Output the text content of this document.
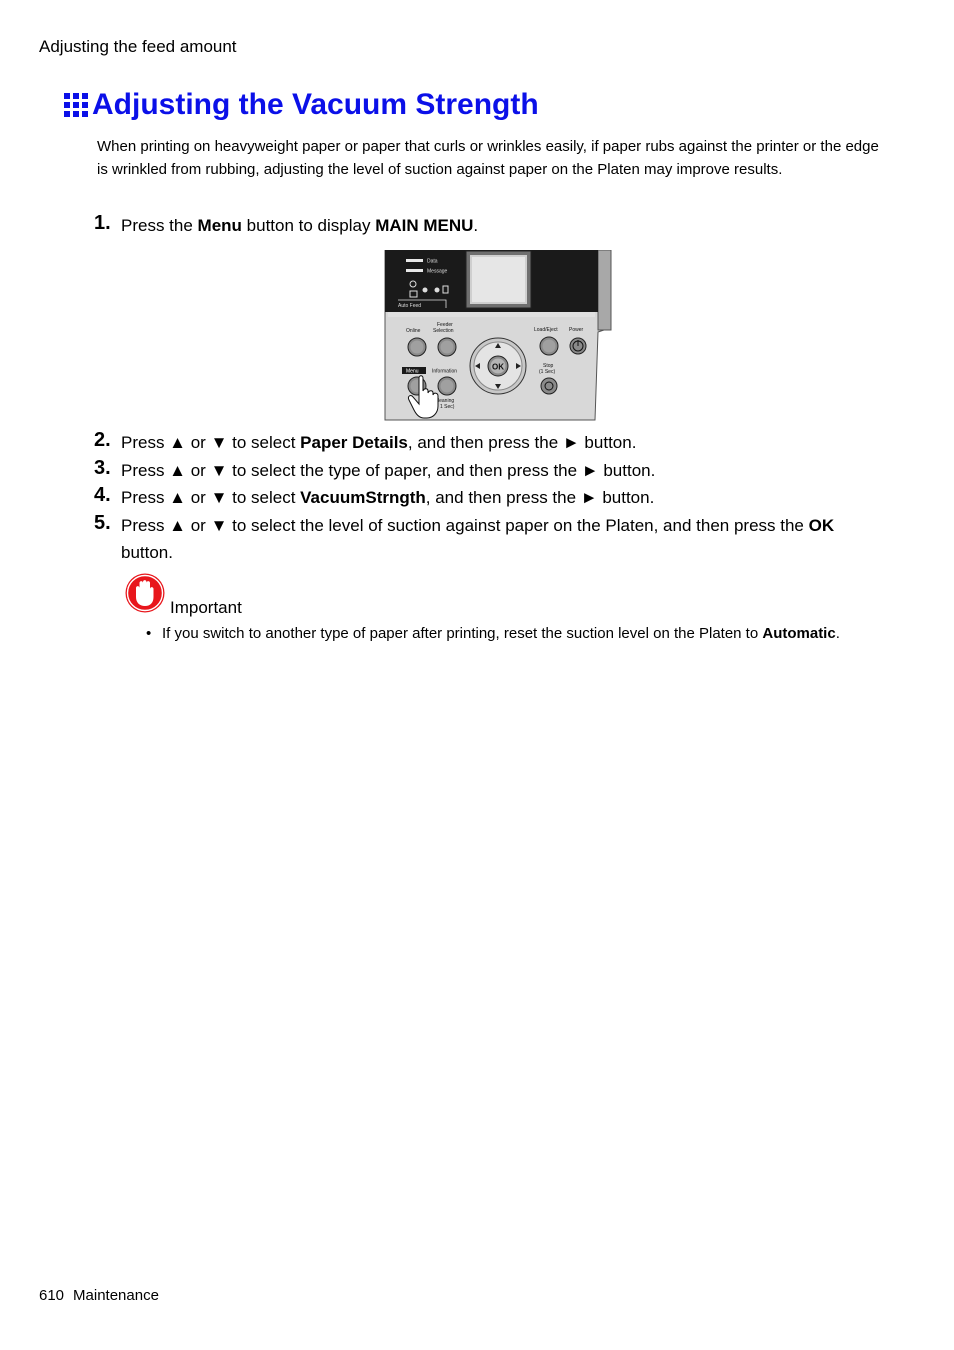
Adjusting the feed amount
Adjusting the Vacuum Strength

When printing on heavyweight paper or paper that curls or wrinkles easily, if paper rubs against the printer or the edge is wrinkled from rubbing, adjusting the level of suction against paper on the Platen may improve results.

1. Press the Menu button to display MAIN MENU.
Data
Message
Auto Feed
Online
Feeder
Selection	Load/Eject Power
OK	Stop
(1 Sec)
Menu	Information
leaning
1 Sec)
2. Press ▲ or ▼ to select Paper Details, and then press the ► button.
3. Press ▲ or ▼ to select the type of paper, and then press the ► button.
4. Press ▲ or ▼ to select VacuumStrngth, and then press the ► button.
5. Press ▲ or ▼ to select the level of suction against paper on the Platen, and then press the OK button.
Important
• If you switch to another type of paper after printing, reset the suction level on the Platen to Automatic.
610 Maintenance
